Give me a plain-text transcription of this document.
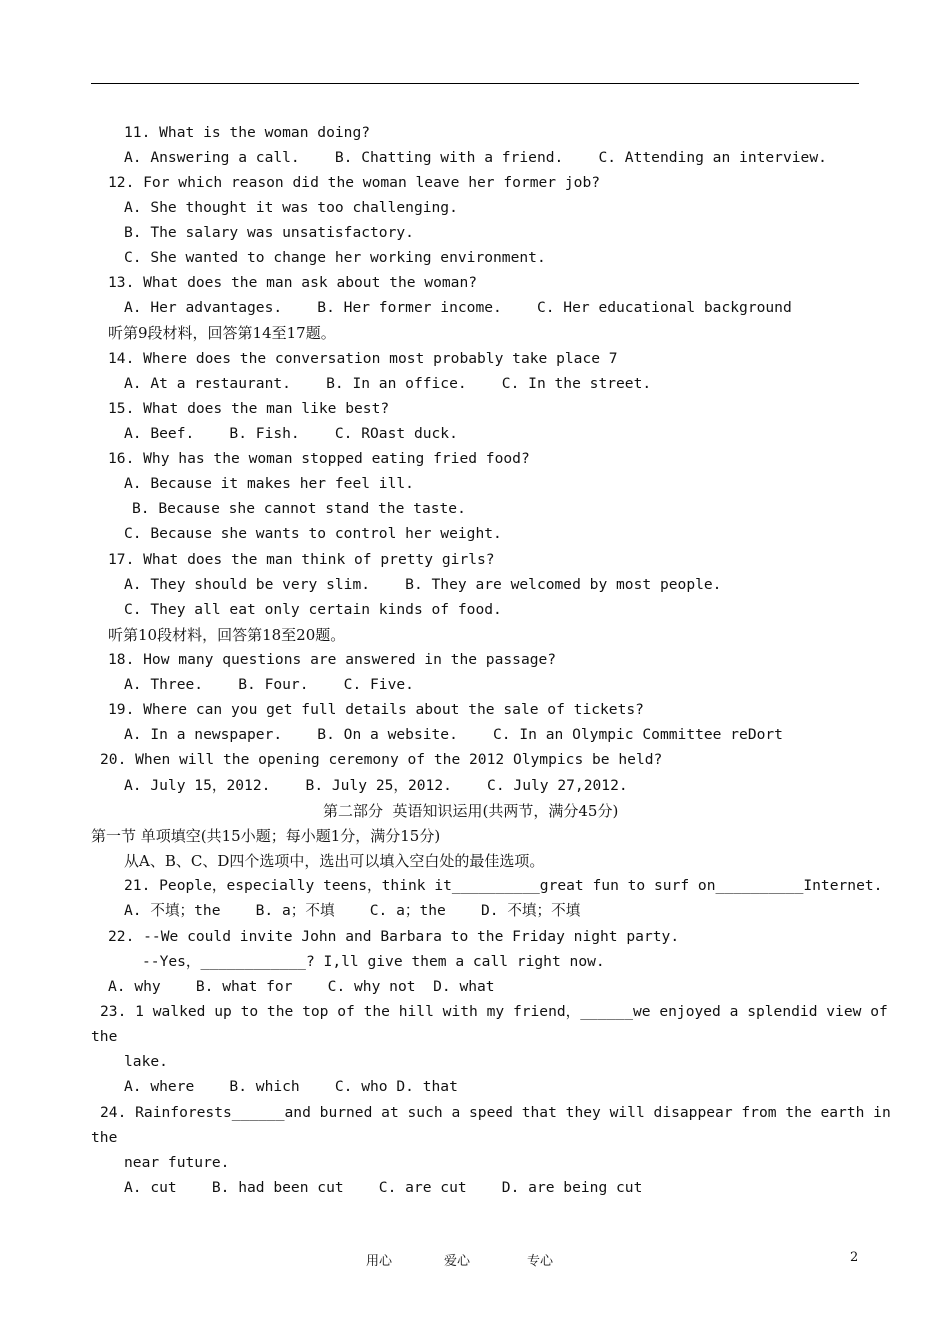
11. What is the woman doing?
A. Answering a call.    B. Chatting with a friend.    C. Attending an interview.
12. For which reason did the woman leave her former job?
A. She thought it was too challenging.
B. The salary was unsatisfactory.
C. She wanted to change her working environment.
13. What does the man ask about the woman?
A. Her advantages.    B. Her former income.    C. Her educational background
听第9段材料，回答第14至17题。
14. Where does the conversation most probably take place 7
A. At a restaurant.    B. In an office.    C. In the street.
15. What does the man like best?
A. Beef.    B. Fish.    C. ROast duck.
16. Why has the woman stopped eating fried food?
A. Because it makes her feel ill.
B. Because she cannot stand the taste.
C. Because she wants to control her weight.
17. What does the man think of pretty girls?
A. They should be very slim.    B. They are welcomed by most people.
C. They all eat only certain kinds of food.
听第10段材料，回答第18至20题。
18. How many questions are answered in the passage?
A. Three.    B. Four.    C. Five.
19. Where can you get full details about the sale of tickets?
A. In a newspaper.    B. On a website.    C. In an Olympic Committee reDort
20. When will the opening ceremony of the 2012 Olympics be held?
A. July 15，2012.    B. July 25，2012.    C. July 27,2012.
第二部分  英语知识运用(共两节，满分45分)
第一节 单项填空(共15小题；每小题1分，满分15分)
从A、B、C、D四个选项中，选出可以填入空白处的最佳选项。
21. People，especially teens，think it__________great fun to surf on__________Internet.
A. 不填；the    B. a；不填    C. a；the    D. 不填；不填
22. --We could invite John and Barbara to the Friday night party.
--Yes，____________? I,ll give them a call right now.
A. why    B. what for    C. why not  D. what
23. 1 walked up to the top of the hill with my friend，______we enjoyed a splendid view of
the
lake.
A. where    B. which    C. who D. that
24. Rainforests______and burned at such a speed that they will disappear from the earth in
the
near future.
A. cut    B. had been cut    C. are cut    D. are being cut
用心	爱心	专心	2
